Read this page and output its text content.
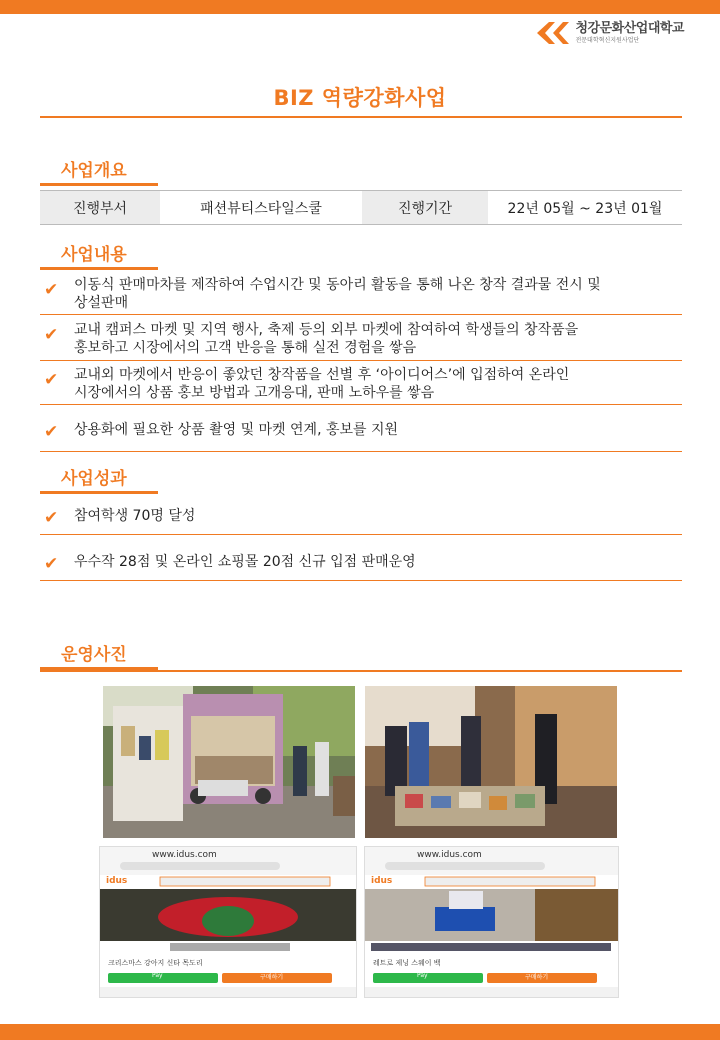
청강문화산업대학교
전문대학혁신지원사업단
BIZ 역량강화사업
사업개요
진행부서	패션뷰티스타일스쿨	진행기간	22년 05월 ~ 23년 01월
사업내용
✔ 이동식 판매마차를 제작하여 수업시간 및 동아리 활동을 통해 나온 창작 결과물 전시 및
상설판매
✔ 교내 캠퍼스 마켓 및 지역 행사, 축제 등의 외부 마켓에 참여하여 학생들의 창작품을
홍보하고 시장에서의 고객 반응을 통해 실전 경험을 쌓음
✔ 교내외 마켓에서 반응이 좋았던 창작품을 선별 후 ‘아이디어스’에 입점하여 온라인
시장에서의 상품 홍보 방법과 고개응대, 판매 노하우를 쌓음
✔ 상용화에 필요한 상품 촬영 및 마켓 연계, 홍보를 지원
사업성과
✔ 참여학생 70명 달성
✔ 우수작 28점 및 온라인 쇼핑몰 20점 신규 입점 판매운영
운영사진
www.idus.com
idus
크리스마스 강아지 신타 목도리
Pay	구매하기
www.idus.com
idus
레트로 제닝 스웨이 백
Pay	구매하기
